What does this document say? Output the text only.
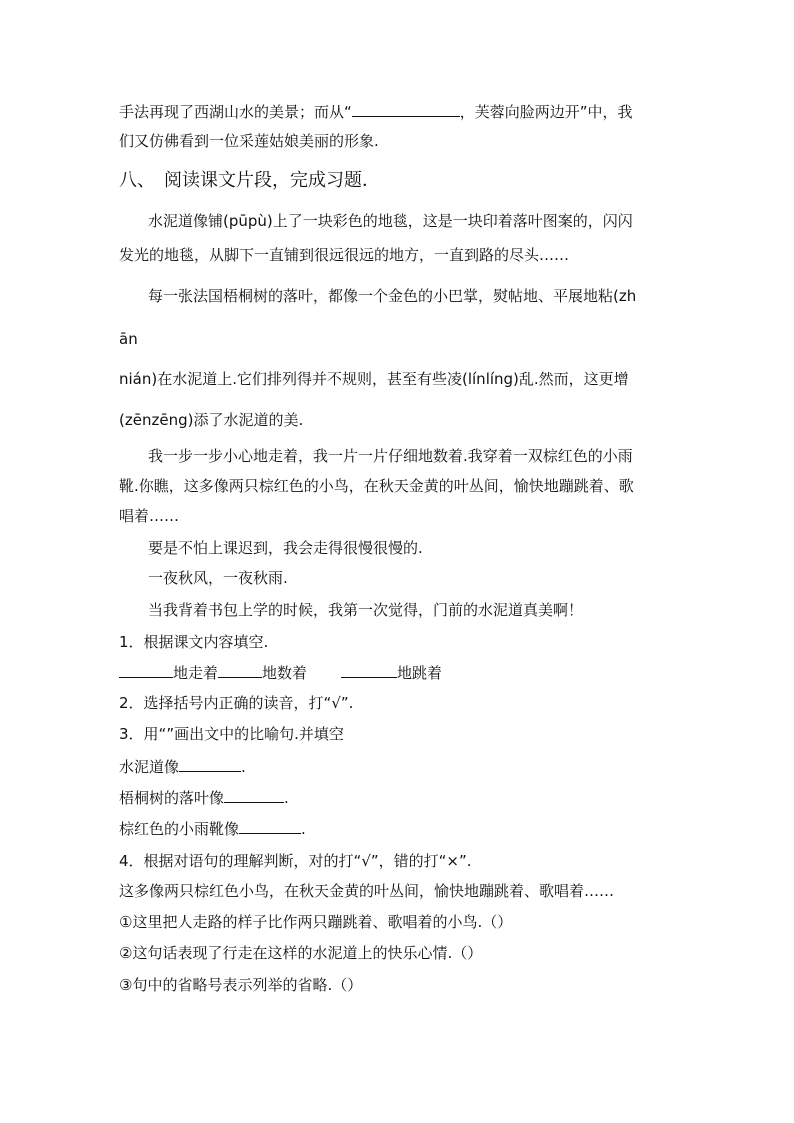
手法再现了西湖山水的美景；而从“	，芙蓉向脸两边开”中，我
们又仿佛看到一位采莲姑娘美丽的形象.
八、　阅读课文片段，完成习题．
水泥道像铺(pūpù)上了一块彩色的地毯，这是一块印着落叶图案的，闪闪
发光的地毯，从脚下一直铺到很远很远的地方，一直到路的尽头……
每一张法国梧桐树的落叶，都像一个金色的小巴掌，熨帖地、平展地粘(zh
ān
nián)在水泥道上.它们排列得并不规则，甚至有些凌(línlíng)乱.然而，这更增
(zēnzēng)添了水泥道的美.
我一步一步小心地走着，我一片一片仔细地数着.我穿着一双棕红色的小雨
靴.你瞧，这多像两只棕红色的小鸟，在秋天金黄的叶丛间，愉快地蹦跳着、歌
唱着……
要是不怕上课迟到，我会走得很慢很慢的.
一夜秋风，一夜秋雨.
当我背着书包上学的时候，我第一次觉得，门前的水泥道真美啊！
1．根据课文内容填空.
地走着	地数着	地跳着
2．选择括号内正确的读音，打“√”.
3．用“”画出文中的比喻句.并填空
水泥道像	.
梧桐树的落叶像	.
棕红色的小雨靴像	.
4．根据对语句的理解判断，对的打“√”，错的打“×”.
这多像两只棕红色小鸟，在秋天金黄的叶丛间，愉快地蹦跳着、歌唱着……
①这里把人走路的样子比作两只蹦跳着、歌唱着的小鸟.（）
②这句话表现了行走在这样的水泥道上的快乐心情.（）
③句中的省略号表示列举的省略.（）
